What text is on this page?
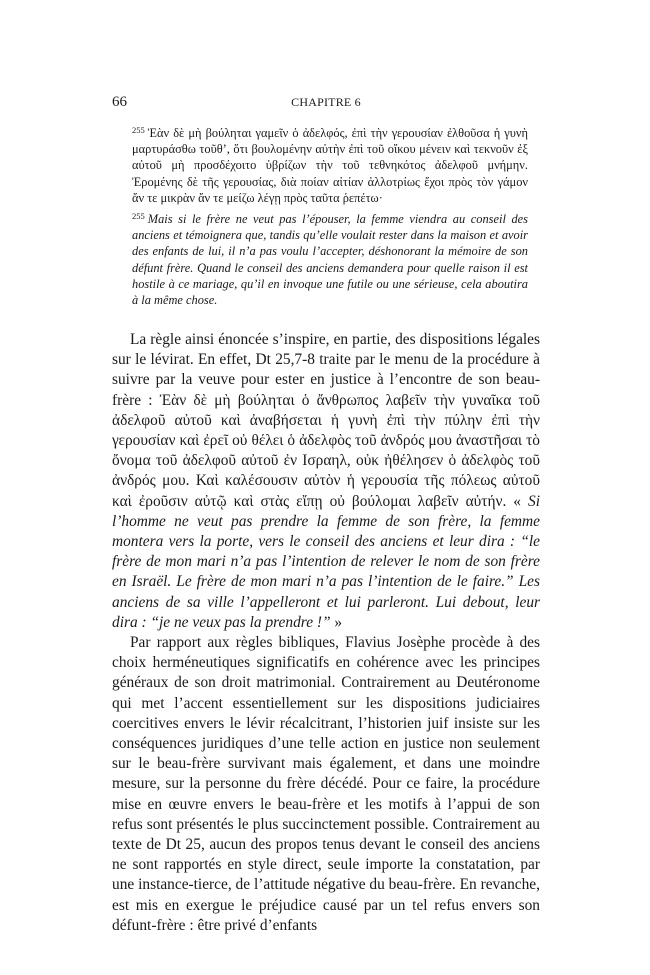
66	CHAPITRE 6

$^{255}$ Ἐὰν δὲ μὴ βούληται γαμεῖν ὁ ἀδελφός, ἐπὶ τὴν γερουσίαν ἐλθοῦσα ἡ γυνὴ μαρτυράσθω τοῦθ’, ὅτι βουλομένην αὐτὴν ἐπὶ τοῦ οἴκου μένειν καὶ τεκνοῦν ἐξ αὐτοῦ μὴ προσδέχοιτο ὑβρίζων τὴν τοῦ τεθνηκότος ἀδελφοῦ μνήμην. Ἐρομένης δὲ τῆς γερουσίας, διὰ ποίαν αἰτίαν ἀλλοτρίως ἔχοι πρὸς τὸν γάμον ἄν τε μικρὰν ἄν τε μείζω λέγῃ πρὸς ταῦτα ῥεπέτω·

$^{255}$ Mais si le frère ne veut pas l’épouser, la femme viendra au conseil des anciens et témoignera que, tandis qu’elle voulait rester dans la maison et avoir des enfants de lui, il n’a pas voulu l’accepter, déshonorant la mémoire de son défunt frère. Quand le conseil des anciens demandera pour quelle raison il est hostile à ce mariage, qu’il en invoque une futile ou une sérieuse, cela aboutira à la même chose.

La règle ainsi énoncée s’inspire, en partie, des dispositions légales sur le lévirat. En effet, Dt 25,7-8 traite par le menu de la procédure à suivre par la veuve pour ester en justice à l’encontre de son beau-frère : Ἐὰν δὲ μὴ βούληται ὁ ἄνθρωπος λαβεῖν τὴν γυναῖκα τοῦ ἀδελφοῦ αὐτοῦ καὶ ἀναβήσεται ἡ γυνὴ ἐπὶ τὴν πύλην ἐπὶ τὴν γερουσίαν καὶ ἐρεῖ οὐ θέλει ὁ ἀδελφὸς τοῦ ἀνδρός μου ἀναστῆσαι τὸ ὄνομα τοῦ ἀδελφοῦ αὐτοῦ ἐν Ισραηλ, οὐκ ἠθέλησεν ὁ ἀδελφὸς τοῦ ἀνδρός μου. Καὶ καλέσουσιν αὐτὸν ἡ γερουσία τῆς πόλεως αὐτοῦ καὶ ἐροῦσιν αὐτῷ καὶ στὰς εἴπῃ οὐ βούλομαι λαβεῖν αὐτήν. « Si l’homme ne veut pas prendre la femme de son frère, la femme montera vers la porte, vers le conseil des anciens et leur dira : “le frère de mon mari n’a pas l’intention de relever le nom de son frère en Israël. Le frère de mon mari n’a pas l’intention de le faire.” Les anciens de sa ville l’appelleront et lui parleront. Lui debout, leur dira : “je ne veux pas la prendre !” »

Par rapport aux règles bibliques, Flavius Josèphe procède à des choix herméneutiques significatifs en cohérence avec les principes généraux de son droit matrimonial. Contrairement au Deutéronome qui met l’accent essentiellement sur les dispositions judiciaires coercitives envers le lévir récalcitrant, l’historien juif insiste sur les conséquences juridiques d’une telle action en justice non seulement sur le beau-frère survivant mais également, et dans une moindre mesure, sur la personne du frère décédé. Pour ce faire, la procédure mise en œuvre envers le beau-frère et les motifs à l’appui de son refus sont présentés le plus succinctement possible. Contrairement au texte de Dt 25, aucun des propos tenus devant le conseil des anciens ne sont rapportés en style direct, seule importe la constatation, par une instance-tierce, de l’attitude négative du beau-frère. En revanche, est mis en exergue le préjudice causé par un tel refus envers son défunt-frère : être privé d’enfants
